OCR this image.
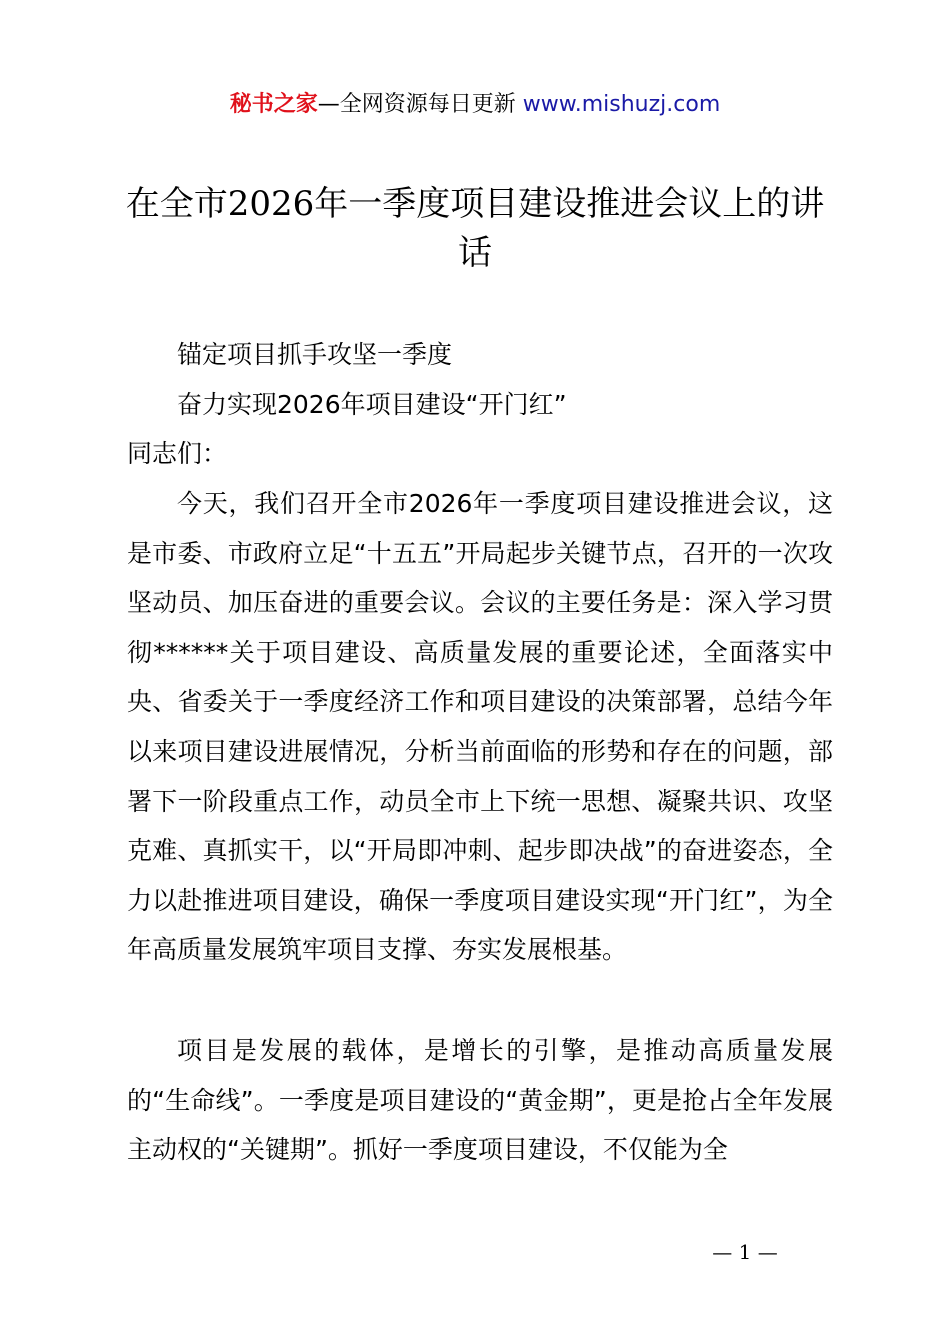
秘书之家—全网资源每日更新 www.mishuzj.com
在全市2026年一季度项目建设推进会议上的讲话
锚定项目抓手攻坚一季度
奋力实现2026年项目建设“开门红”
同志们：

今天，我们召开全市2026年一季度项目建设推进会议，这是市委、市政府立足“十五五”开局起步关键节点，召开的一次攻坚动员、加压奋进的重要会议。会议的主要任务是：深入学习贯彻******关于项目建设、高质量发展的重要论述，全面落实中央、省委关于一季度经济工作和项目建设的决策部署，总结今年以来项目建设进展情况，分析当前面临的形势和存在的问题，部署下一阶段重点工作，动员全市上下统一思想、凝聚共识、攻坚克难、真抓实干，以“开局即冲刺、起步即决战”的奋进姿态，全力以赴推进项目建设，确保一季度项目建设实现“开门红”，为全年高质量发展筑牢项目支撑、夯实发展根基。

项目是发展的载体，是增长的引擎，是推动高质量发展的“生命线”。一季度是项目建设的“黄金期”，更是抢占全年发展主动权的“关键期”。抓好一季度项目建设，不仅能为全

— 1 —
